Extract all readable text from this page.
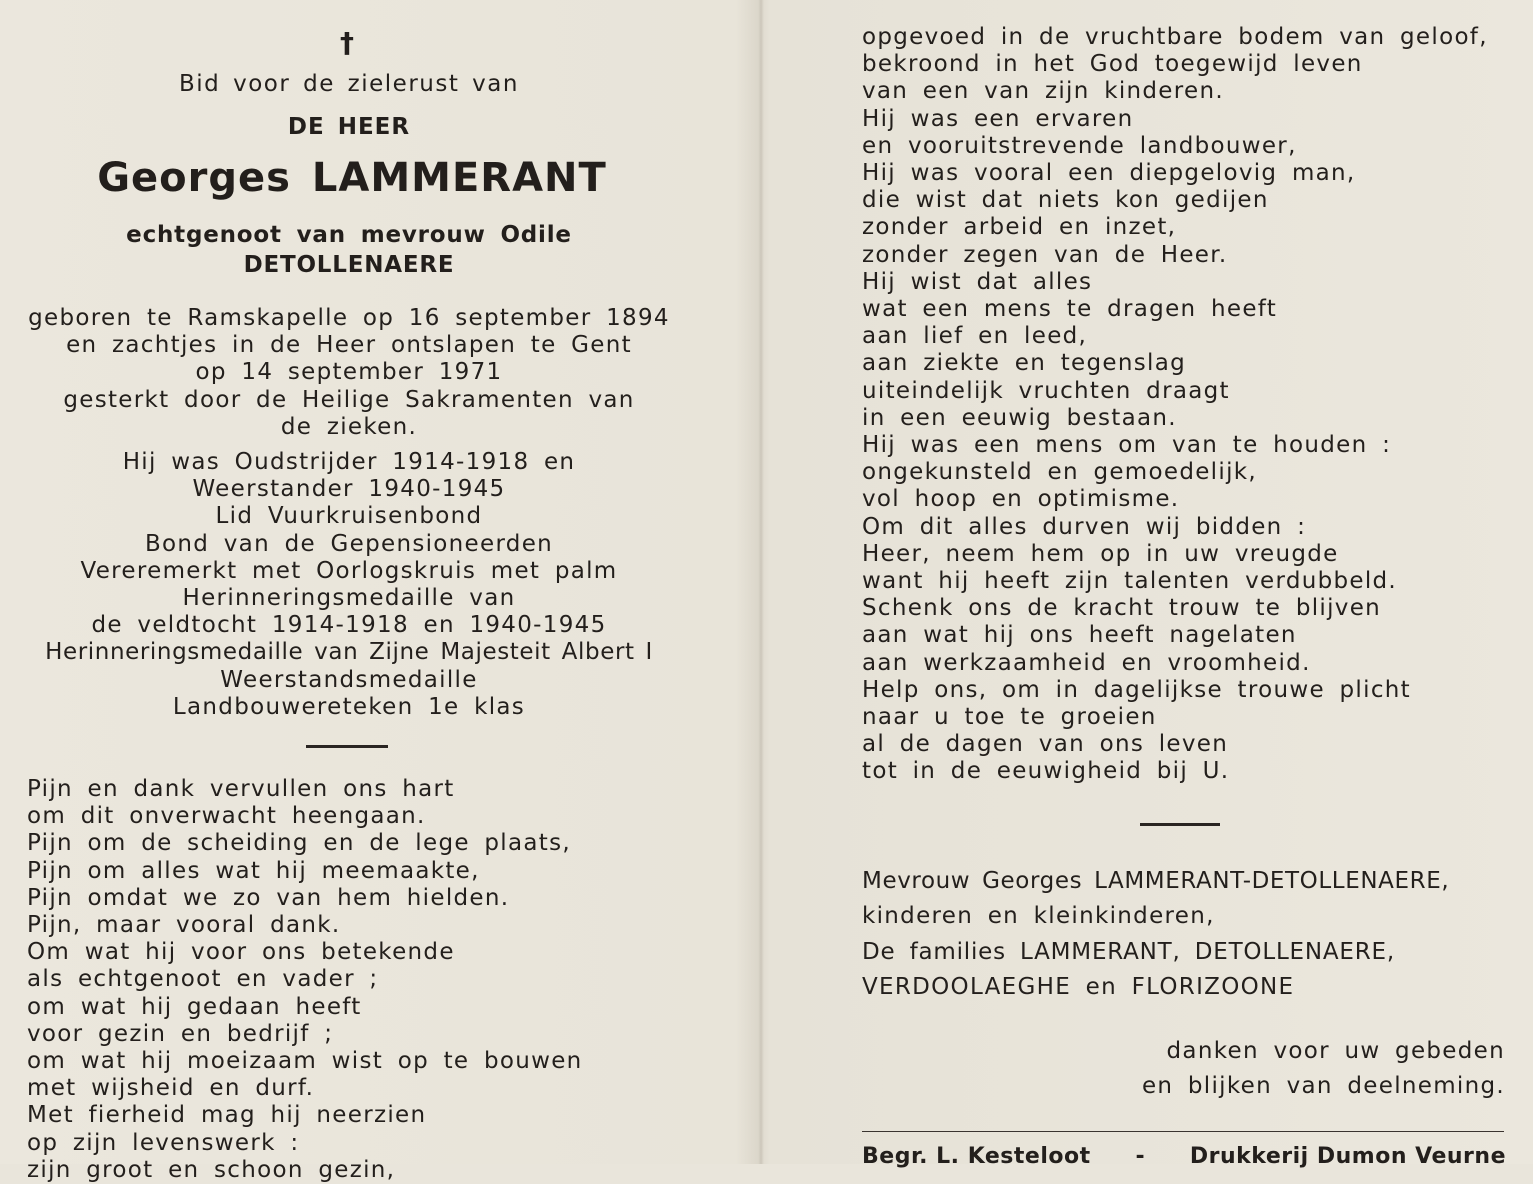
†
Bid voor de zielerust van
DE HEER
Georges LAMMERANT
echtgenoot van mevrouw Odile DETOLLENAERE
geboren te Ramskapelle op 16 september 1894
en zachtjes in de Heer ontslapen te Gent
op 14 september 1971
gesterkt door de Heilige Sakramenten van
de zieken.
Hij was Oudstrijder 1914-1918 en
Weerstander 1940-1945
Lid Vuurkruisenbond
Bond van de Gepensioneerden
Vereremerkt met Oorlogskruis met palm
Herinneringsmedaille van
de veldtocht 1914-1918 en 1940-1945
Herinneringsmedaille van Zijne Majesteit Albert I
Weerstandsmedaille
Landbouwereteken 1e klas
Pijn en dank vervullen ons hart
om dit onverwacht heengaan.
Pijn om de scheiding en de lege plaats,
Pijn om alles wat hij meemaakte,
Pijn omdat we zo van hem hielden.
Pijn, maar vooral dank.
Om wat hij voor ons betekende
als echtgenoot en vader ;
om wat hij gedaan heeft
voor gezin en bedrijf ;
om wat hij moeizaam wist op te bouwen
met wijsheid en durf.
Met fierheid mag hij neerzien
op zijn levenswerk :
zijn groot en schoon gezin,
opgevoed in de vruchtbare bodem van geloof,
bekroond in het God toegewijd leven
van een van zijn kinderen.
Hij was een ervaren
en vooruitstrevende landbouwer,
Hij was vooral een diepgelovig man,
die wist dat niets kon gedijen
zonder arbeid en inzet,
zonder zegen van de Heer.
Hij wist dat alles
wat een mens te dragen heeft
aan lief en leed,
aan ziekte en tegenslag
uiteindelijk vruchten draagt
in een eeuwig bestaan.
Hij was een mens om van te houden :
ongekunsteld en gemoedelijk,
vol hoop en optimisme.
Om dit alles durven wij bidden :
Heer, neem hem op in uw vreugde
want hij heeft zijn talenten verdubbeld.
Schenk ons de kracht trouw te blijven
aan wat hij ons heeft nagelaten
aan werkzaamheid en vroomheid.
Help ons, om in dagelijkse trouwe plicht
naar u toe te groeien
al de dagen van ons leven
tot in de eeuwigheid bij U.
Mevrouw Georges LAMMERANT-DETOLLENAERE,
kinderen en kleinkinderen,
De families LAMMERANT, DETOLLENAERE,
VERDOOLAEGHE en FLORIZOONE
danken voor uw gebeden
en blijken van deelneming.
Begr. L. Kesteloot - Drukkerij Dumon Veurne
